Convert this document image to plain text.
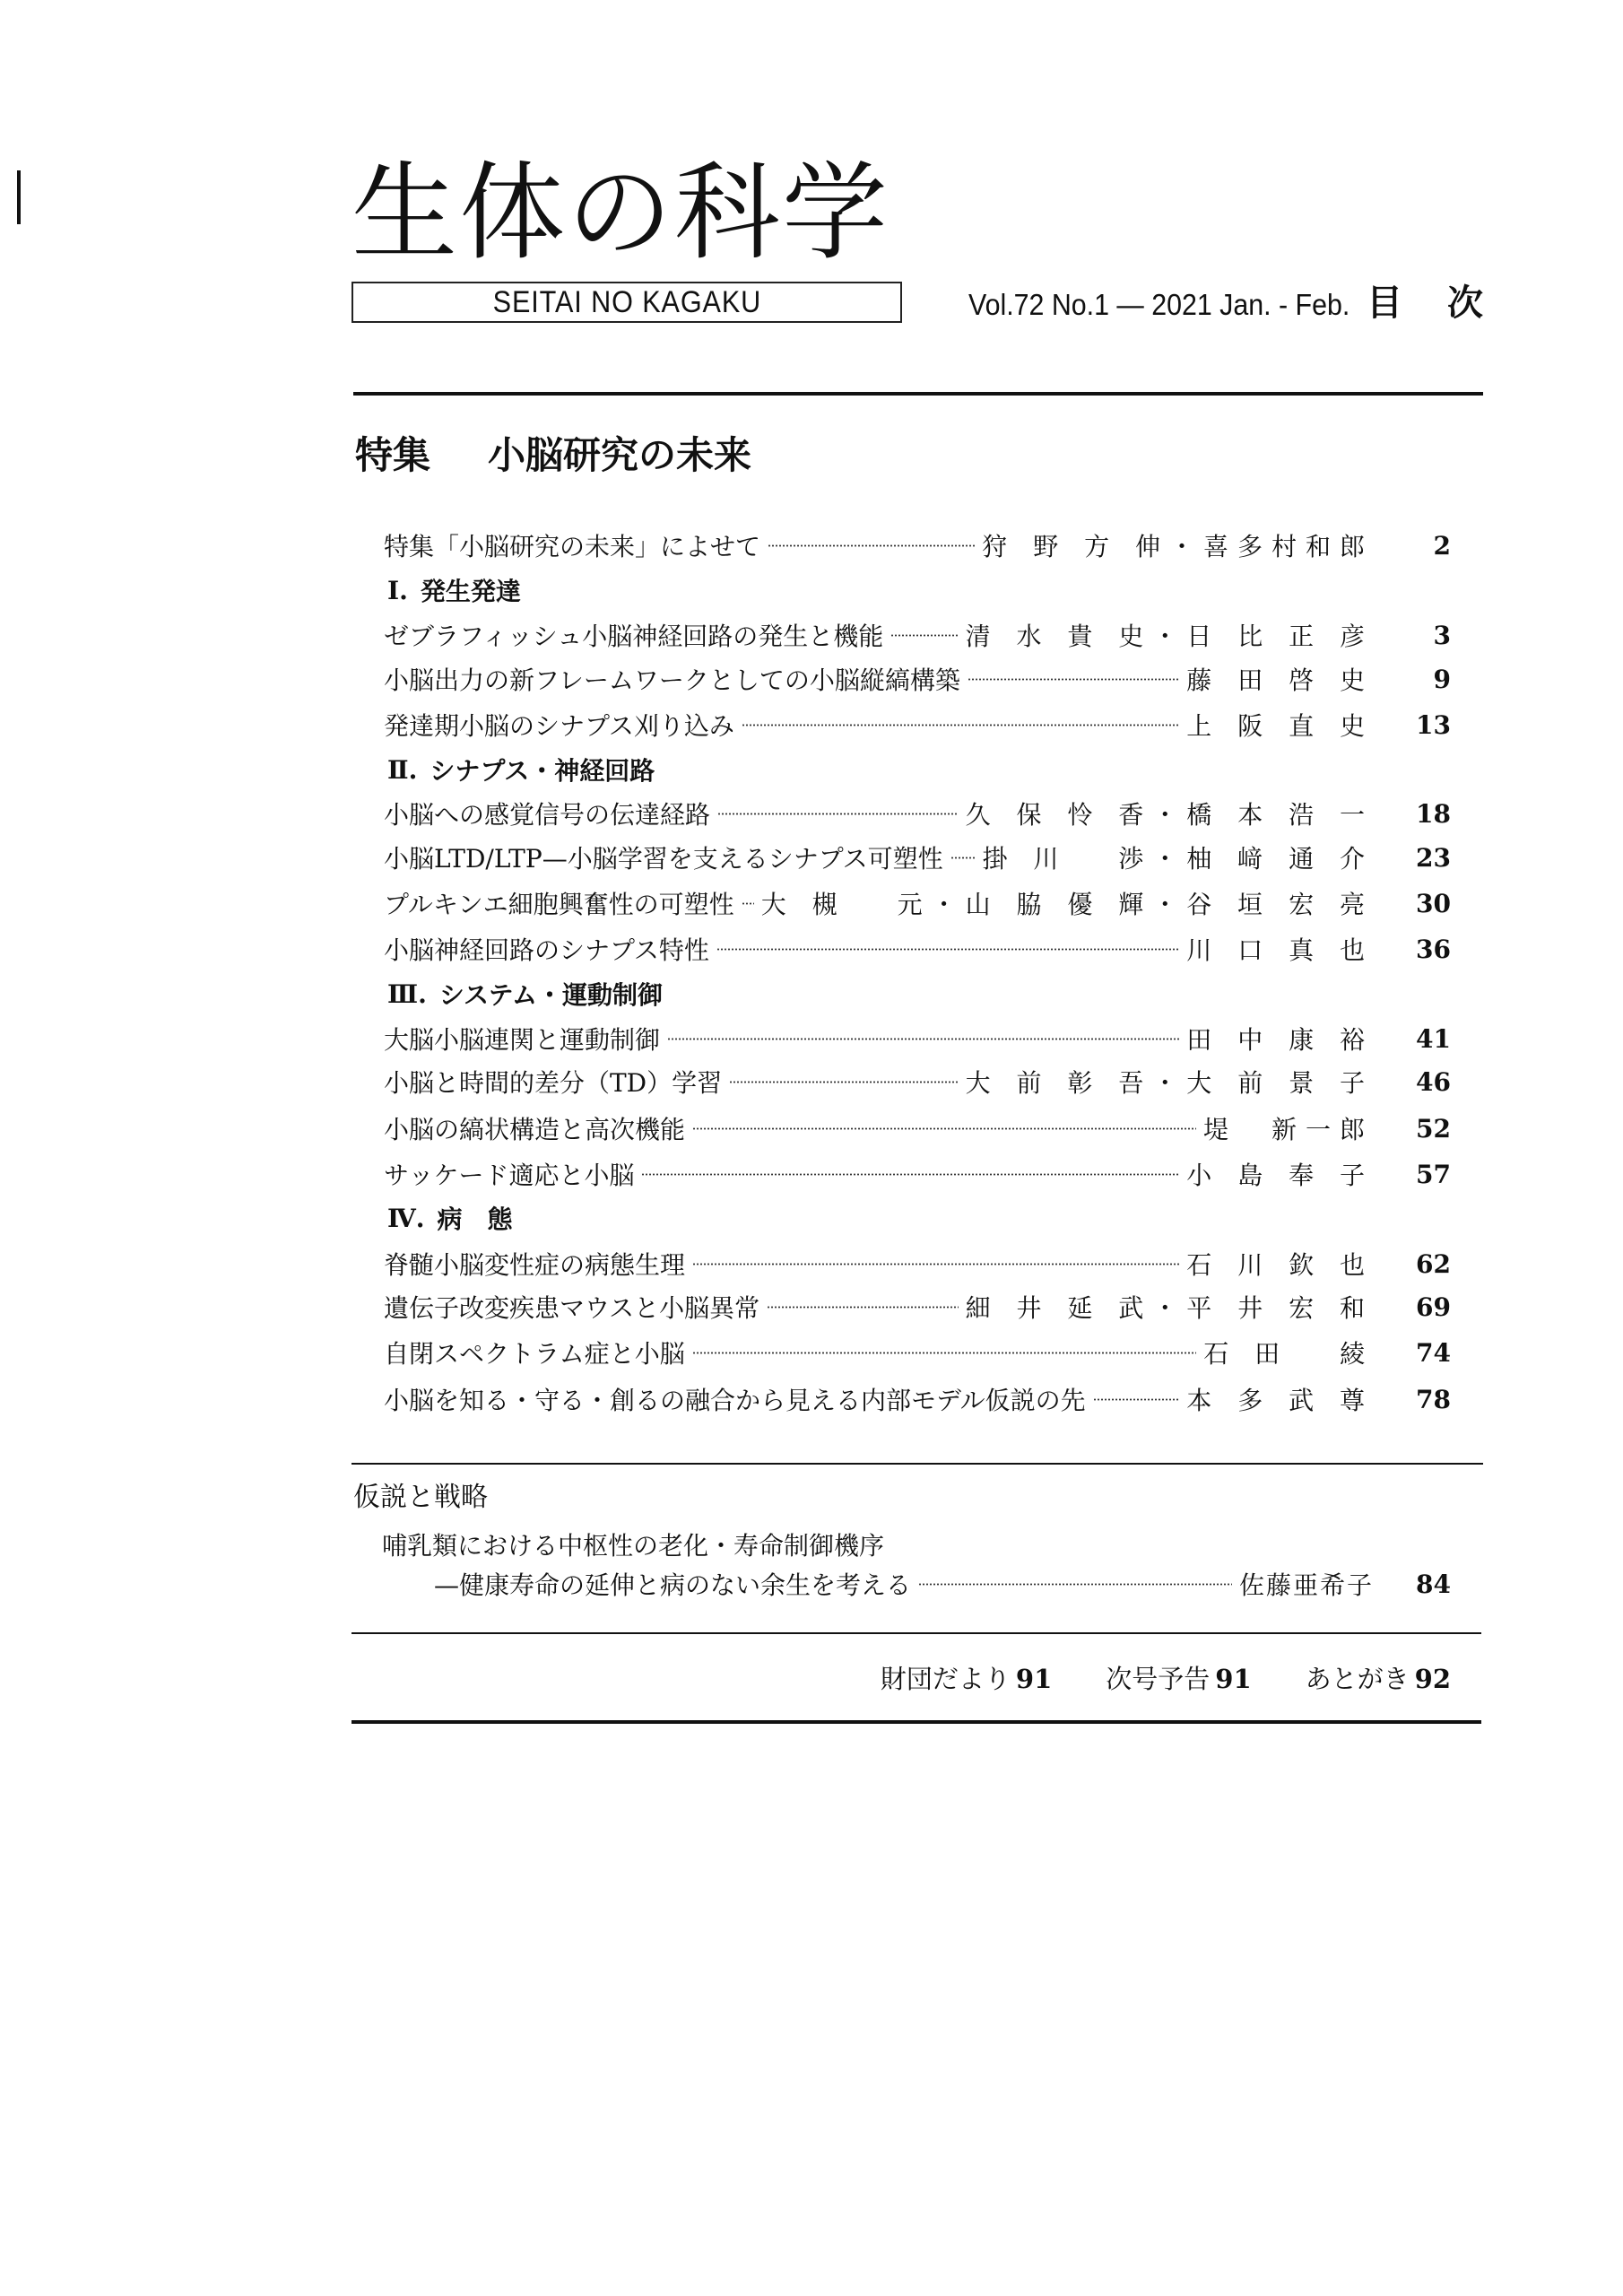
生体の科学
SEITAI NO KAGAKU	Vol.72 No.1 — 2021 Jan. - Feb. 目 次
特集 小脳研究の未来
特集「小脳研究の未来」によせて	狩 野 方 伸・喜多村和郎	2
Ⅰ. 発生発達
ゼブラフィッシュ小脳神経回路の発生と機能	清 水 貴 史・日 比 正 彦	3
小脳出力の新フレームワークとしての小脳縦縞構築	藤 田 啓 史	9
発達期小脳のシナプス刈り込み	上 阪 直 史	13
Ⅱ. シナプス・神経回路
小脳への感覚信号の伝達経路	久 保 怜 香・橋 本 浩 一	18
小脳LTD/LTP—小脳学習を支えるシナプス可塑性 掛 川　 渉・柚 﨑 通 介	23
プルキンエ細胞興奮性の可塑性 大 槻　 元・山 脇 優 輝・谷 垣 宏 亮	30
小脳神経回路のシナプス特性	川 口 真 也	36
Ⅲ. システム・運動制御
大脳小脳連関と運動制御	田 中 康 裕	41
小脳と時間的差分（TD）学習	大 前 彰 吾・大 前 景 子	46
小脳の縞状構造と高次機能	堤　新一郎	52
サッケード適応と小脳	小 島 奉 子	57
Ⅳ. 病　態
脊髄小脳変性症の病態生理	石 川 欽 也	62
遺伝子改変疾患マウスと小脳異常	細 井 延 武・平 井 宏 和	69
自閉スペクトラム症と小脳	石 田　 綾	74
小脳を知る・守る・創るの融合から見える内部モデル仮説の先	本 多 武 尊	78
仮説と戦略
哺乳類における中枢性の老化・寿命制御機序
—健康寿命の延伸と病のない余生を考える	佐藤亜希子	84
財団だより 91 次号予告 91 あとがき 92
